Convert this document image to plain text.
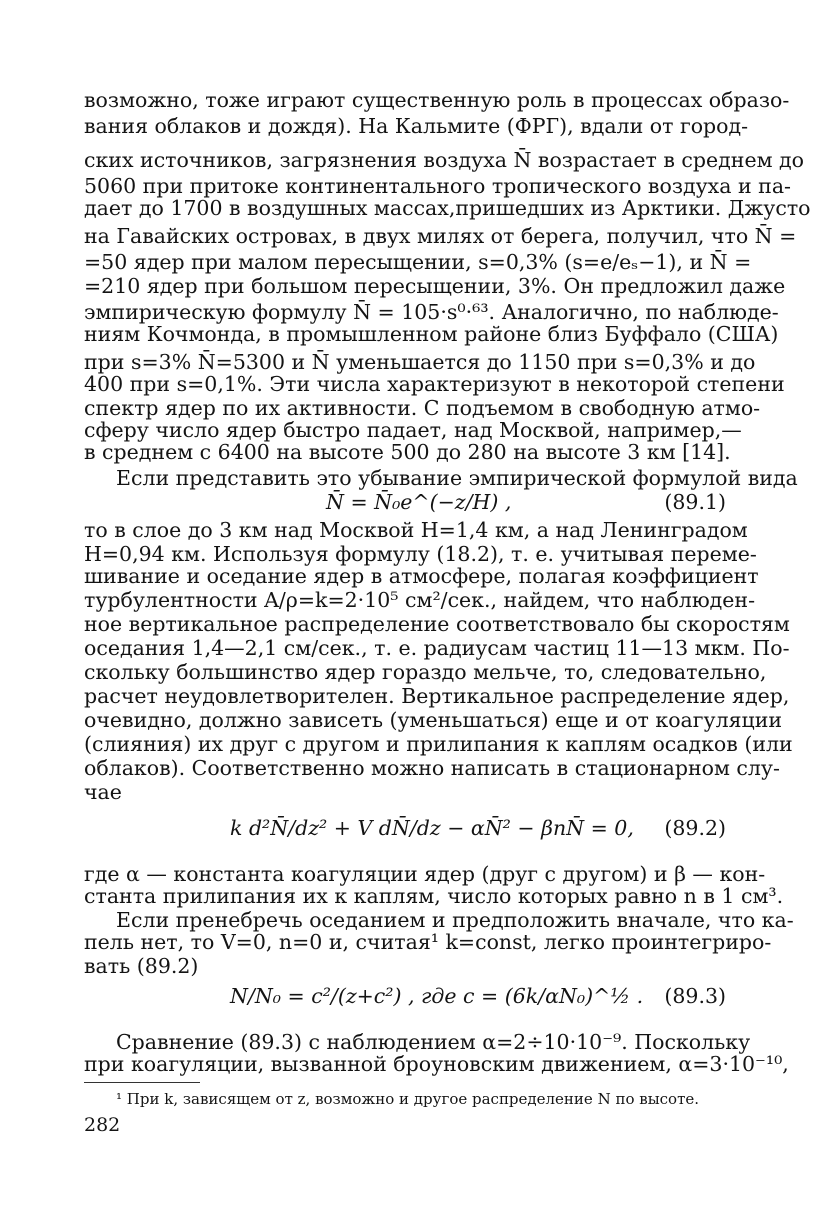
возможно, тоже играют существенную роль в процессах образо-
вания облаков и дождя). На Кальмите (ФРГ), вдали от город-
ских источников, загрязнения воздуха N̄ возрастает в среднем до
5060 при притоке континентального тропического воздуха и па-
дает до 1700 в воздушных массах,пришедших из Арктики. Джусто
на Гавайских островах, в двух милях от берега, получил, что N̄ =
=50 ядер при малом пересыщении, s=0,3% (s=e/eₛ−1), и N̄ =
=210 ядер при большом пересыщении, 3%. Он предложил даже
эмпирическую формулу N̄ = 105·s⁰·⁶³. Аналогично, по наблюде-
ниям Кочмонда, в промышленном районе близ Буффало (США)
при s=3% N̄=5300 и N̄ уменьшается до 1150 при s=0,3% и до
400 при s=0,1%. Эти числа характеризуют в некоторой степени
спектр ядер по их активности. С подъемом в свободную атмо-
сферу число ядер быстро падает, над Москвой, например,—
в среднем с 6400 на высоте 500 до 280 на высоте 3 км [14].
Если представить это убывание эмпирической формулой вида
N̄ = N̄₀e^(−z/H) ,	(89.1)
то в слое до 3 км над Москвой H=1,4 км, а над Ленинградом
H=0,94 км. Используя формулу (18.2), т. е. учитывая переме-
шивание и оседание ядер в атмосфере, полагая коэффициент
турбулентности A/ρ=k=2·10⁵ см²/сек., найдем, что наблюден-
ное вертикальное распределение соответствовало бы скоростям
оседания 1,4—2,1 см/сек., т. е. радиусам частиц 11—13 мкм. По-
скольку большинство ядер гораздо мельче, то, следовательно,
расчет неудовлетворителен. Вертикальное распределение ядер,
очевидно, должно зависеть (уменьшаться) еще и от коагуляции
(слияния) их друг с другом и прилипания к каплям осадков (или
облаков). Соответственно можно написать в стационарном слу-
чае
k d²N̄/dz² + V dN̄/dz − αN̄² − βnN̄ = 0, (89.2)
где α — константа коагуляции ядер (друг с другом) и β — кон-
станта прилипания их к каплям, число которых равно n в 1 см³.
Если пренебречь оседанием и предположить вначале, что ка-
пель нет, то V=0, n=0 и, считая¹ k=const, легко проинтегриро-
вать (89.2)
N/N₀ = c²/(z+c²) , где c = (6k/αN₀)^½ . (89.3)
Сравнение (89.3) с наблюдением α=2÷10·10⁻⁹. Поскольку
при коагуляции, вызванной броуновским движением, α=3·10⁻¹⁰,
¹ При k, зависящем от z, возможно и другое распределение N по высоте.
282
